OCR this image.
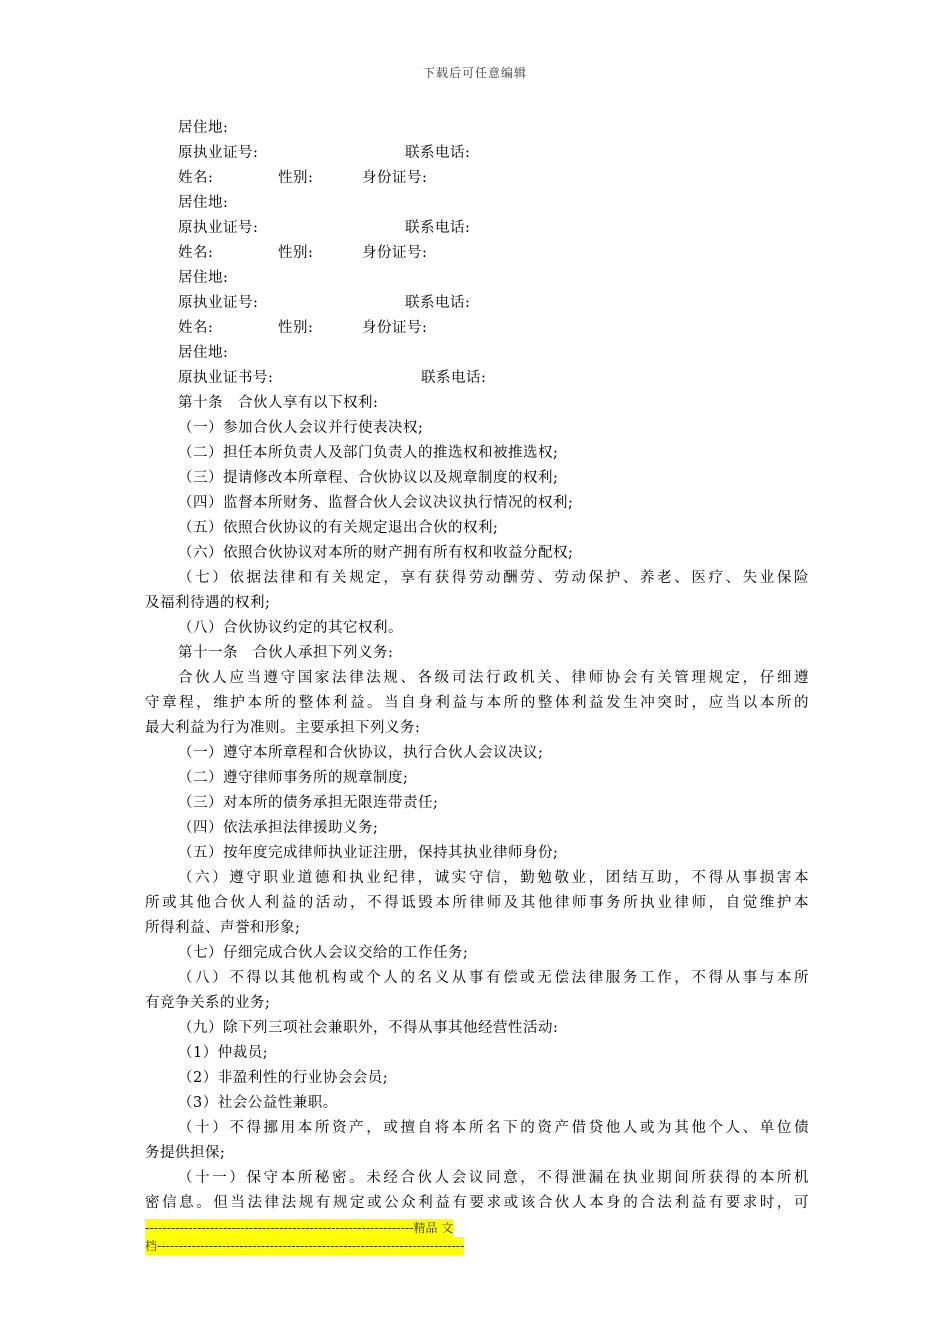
下载后可任意编辑
居住地:
原执业证号:	联系电话:
姓名:	性别:	身份证号:
居住地:
原执业证号:	联系电话:
姓名:	性别:	身份证号:
居住地:
原执业证号:	联系电话:
姓名:	性别:	身份证号:
居住地:
原执业证书号:	联系电话:
第十条　合伙人享有以下权利:
（一）参加合伙人会议并行使表决权;
（二）担任本所负责人及部门负责人的推选权和被推选权;
（三）提请修改本所章程、合伙协议以及规章制度的权利;
（四）监督本所财务、监督合伙人会议决议执行情况的权利;
（五）依照合伙协议的有关规定退出合伙的权利;
（六）依照合伙协议对本所的财产拥有所有权和收益分配权;
（七）依据法律和有关规定，享有获得劳动酬劳、劳动保护、养老、医疗、失业保险
及福利待遇的权利;
（八）合伙协议约定的其它权利。
第十一条　合伙人承担下列义务:
合伙人应当遵守国家法律法规、各级司法行政机关、律师协会有关管理规定，仔细遵
守章程，维护本所的整体利益。当自身利益与本所的整体利益发生冲突时，应当以本所的
最大利益为行为准则。主要承担下列义务:
（一）遵守本所章程和合伙协议，执行合伙人会议决议;
（二）遵守律师事务所的规章制度;
（三）对本所的债务承担无限连带责任;
（四）依法承担法律援助义务;
（五）按年度完成律师执业证注册，保持其执业律师身份;
（六）遵守职业道德和执业纪律，诚实守信，勤勉敬业，团结互助，不得从事损害本
所或其他合伙人利益的活动，不得诋毁本所律师及其他律师事务所执业律师，自觉维护本
所得利益、声誉和形象;
（七）仔细完成合伙人会议交给的工作任务;
（八）不得以其他机构或个人的名义从事有偿或无偿法律服务工作，不得从事与本所
有竞争关系的业务;
（九）除下列三项社会兼职外，不得从事其他经营性活动:
（1）仲裁员;
（2）非盈利性的行业协会会员;
（3）社会公益性兼职。
（十）不得挪用本所资产，或擅自将本所名下的资产借贷他人或为其他个人、单位债
务提供担保;
（十一）保守本所秘密。未经合伙人会议同意，不得泄漏在执业期间所获得的本所机
密信息。但当法律法规有规定或公众利益有要求或该合伙人本身的合法利益有要求时，可
--------------------------------------------------------------精品 文
档-----------------------------------------------------------------------
